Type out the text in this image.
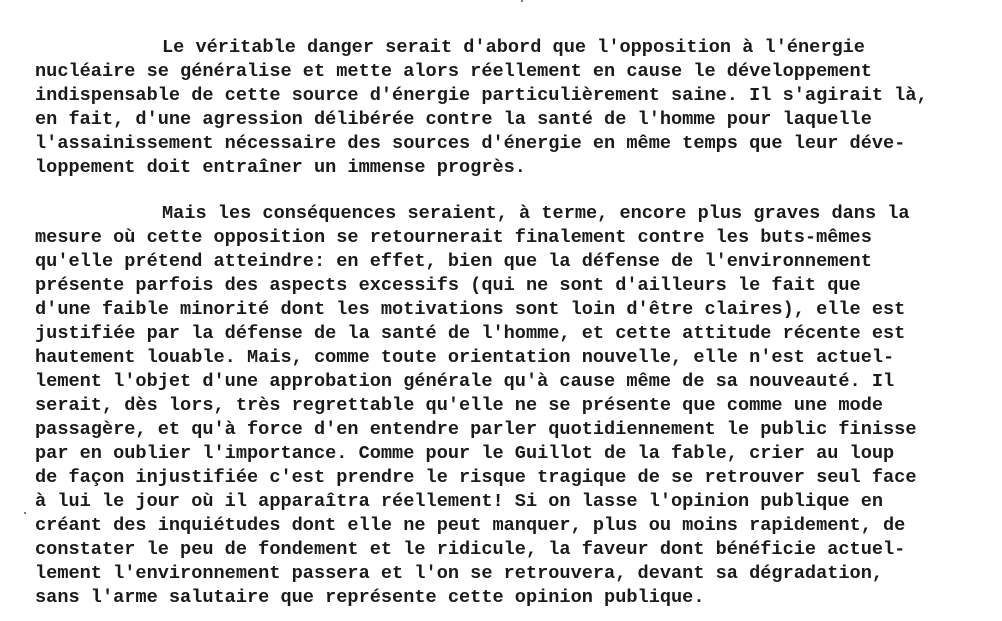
Le véritable danger serait d'abord que l'opposition à l'énergie
nucléaire se généralise et mette alors réellement en cause le développement
indispensable de cette source d'énergie particulièrement saine. Il s'agirait là,
en fait, d'une agression délibérée contre la santé de l'homme pour laquelle
l'assainissement nécessaire des sources d'énergie en même temps que leur déve-
loppement doit entraîner un immense progrès.
Mais les conséquences seraient, à terme, encore plus graves dans la
mesure où cette opposition se retournerait finalement contre les buts-mêmes
qu'elle prétend atteindre: en effet, bien que la défense de l'environnement
présente parfois des aspects excessifs (qui ne sont d'ailleurs le fait que
d'une faible minorité dont les motivations sont loin d'être claires), elle est
justifiée par la défense de la santé de l'homme, et cette attitude récente est
hautement louable. Mais, comme toute orientation nouvelle, elle n'est actuel-
lement l'objet d'une approbation générale qu'à cause même de sa nouveauté. Il
serait, dès lors, très regrettable qu'elle ne se présente que comme une mode
passagère, et qu'à force d'en entendre parler quotidiennement le public finisse
par en oublier l'importance. Comme pour le Guillot de la fable, crier au loup
de façon injustifiée c'est prendre le risque tragique de se retrouver seul face
à lui le jour où il apparaîtra réellement! Si on lasse l'opinion publique en
créant des inquiétudes dont elle ne peut manquer, plus ou moins rapidement, de
constater le peu de fondement et le ridicule, la faveur dont bénéficie actuel-
lement l'environnement passera et l'on se retrouvera, devant sa dégradation,
sans l'arme salutaire que représente cette opinion publique.
